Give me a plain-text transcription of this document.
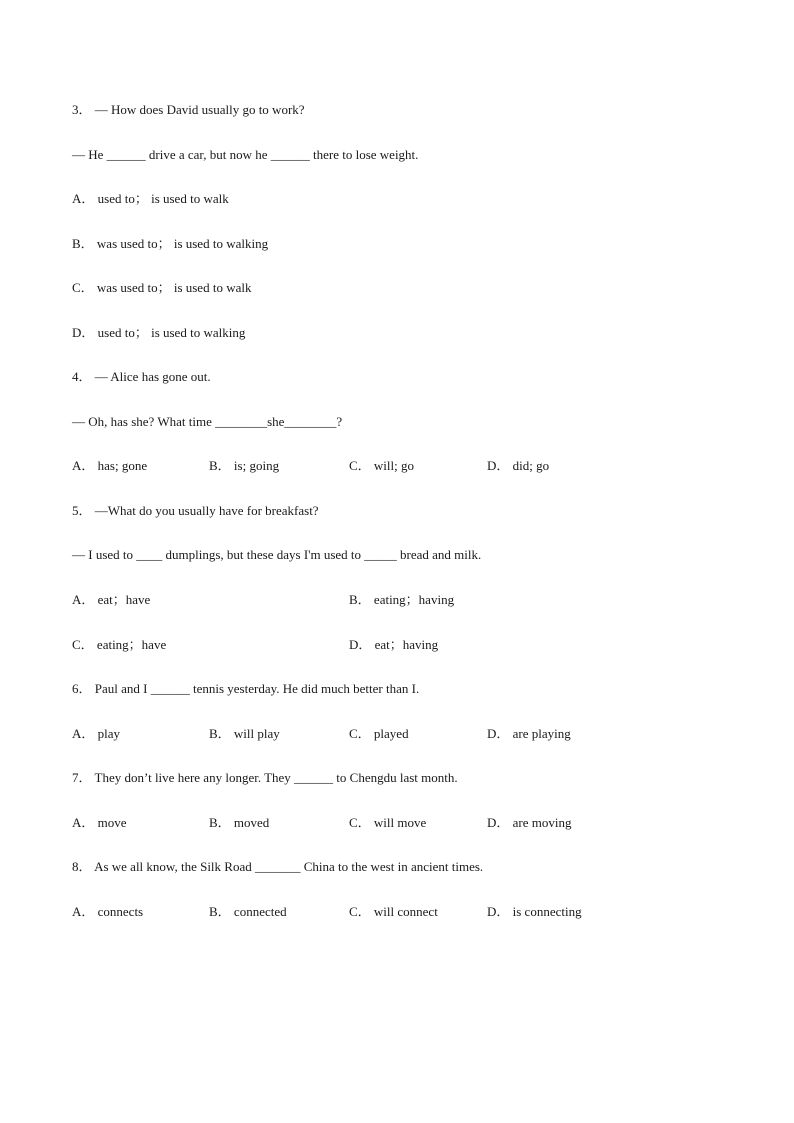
3． — How does David usually go to work?
— He ______ drive a car, but now he ______ there to lose weight.
A． used to； is used to walk
B． was used to； is used to walking
C． was used to； is used to walk
D． used to； is used to walking
4． — Alice has gone out.
— Oh, has she? What time ________she________?
A． has; gone	B． is; going	C． will; go	D． did; go
5． —What do you usually have for breakfast?
— I used to ____ dumplings, but these days I'm used to _____ bread and milk.
A． eat；have	B． eating；having
C． eating；have	D． eat；having
6． Paul and I ______ tennis yesterday. He did much better than I.
A． play	B． will play	C． played	D． are playing
7． They don’t live here any longer. They ______ to Chengdu last month.
A． move	B． moved	C． will move	D． are moving
8． As we all know, the Silk Road _______ China to the west in ancient times.
A． connects	B． connected	C． will connect	D． is connecting
